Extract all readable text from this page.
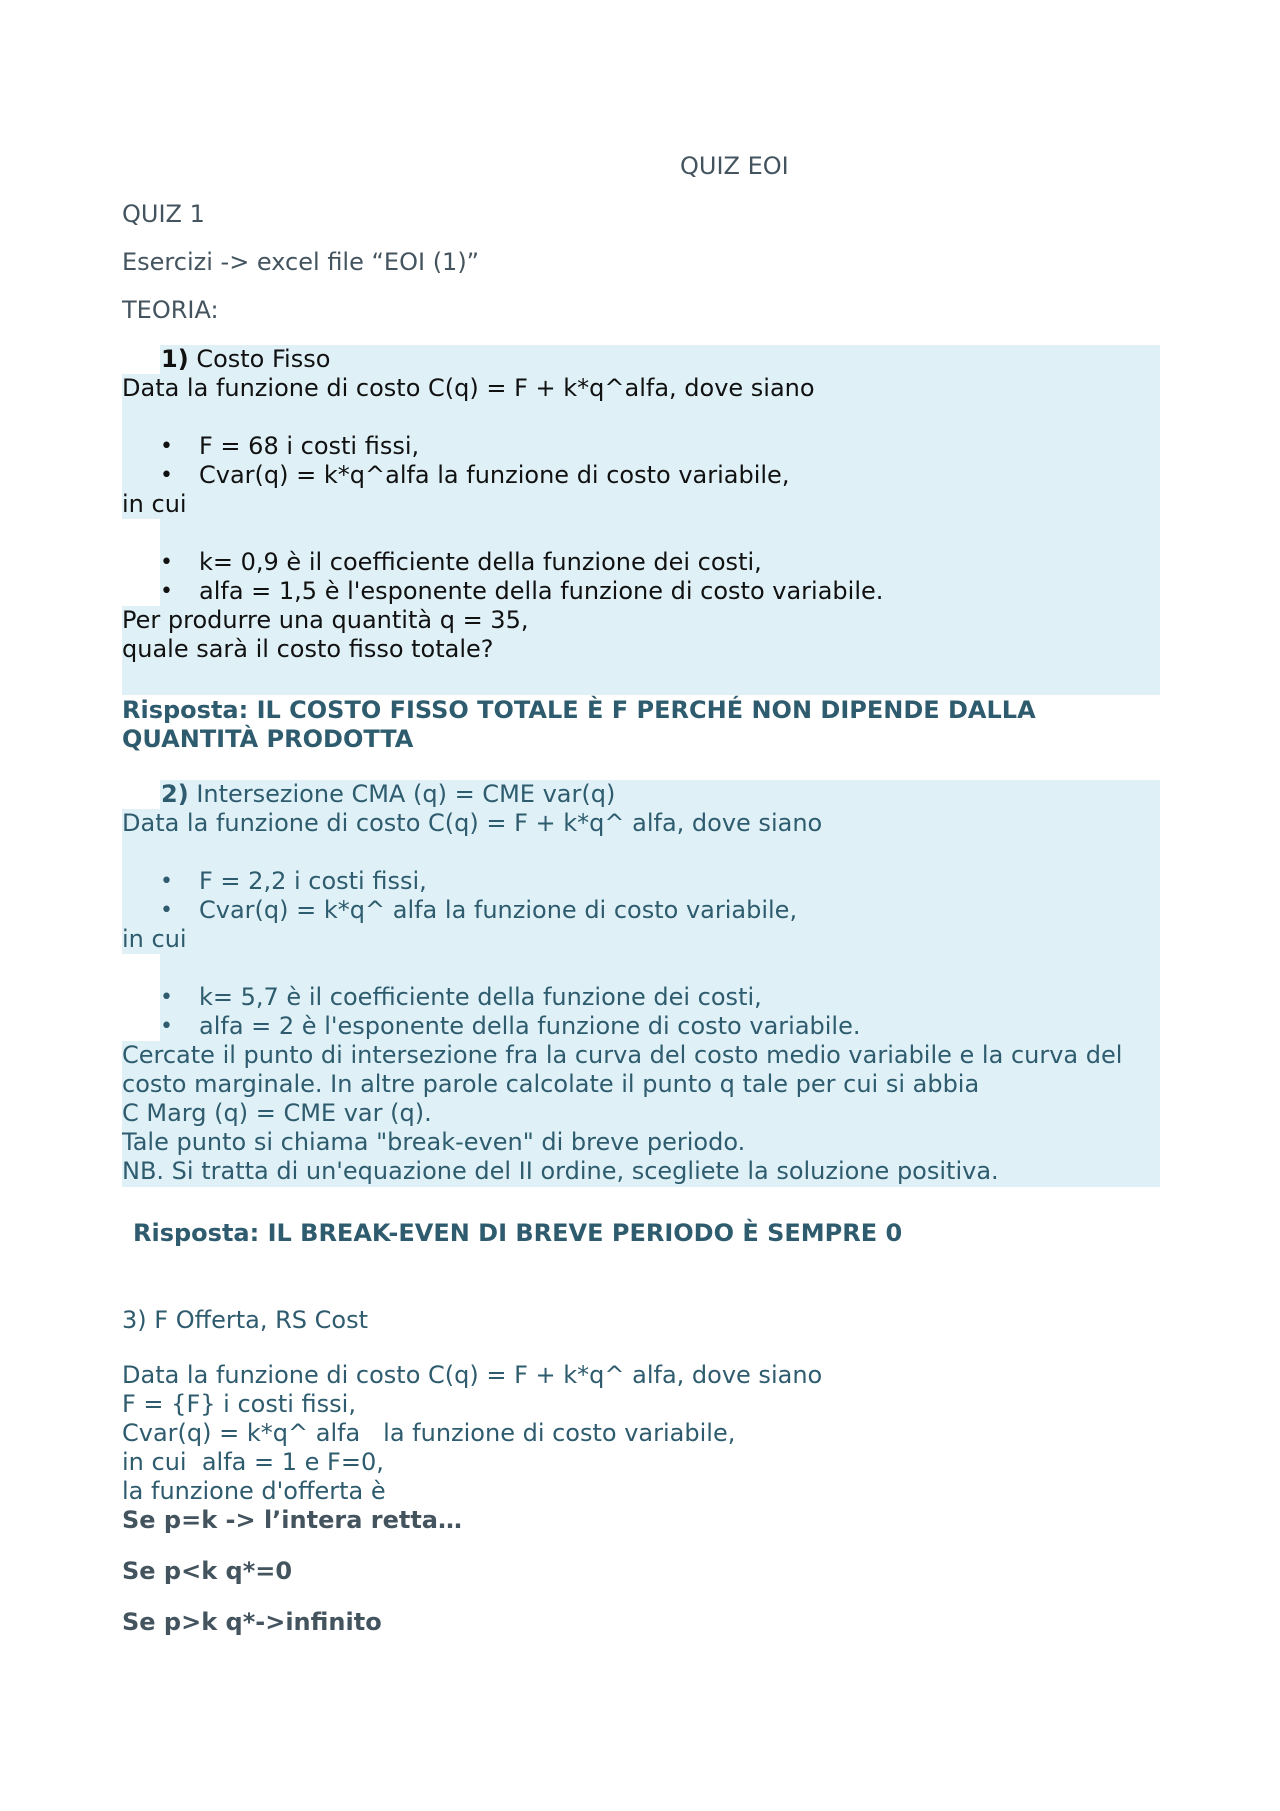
QUIZ EOI

QUIZ 1

Esercizi -> excel file “EOI (1)”

TEORIA:

1) Costo Fisso

Data la funzione di costo C(q) = F + k*q^alfa, dove siano

• F = 68 i costi fissi,

• Cvar(q) = k*q^alfa la funzione di costo variabile,

in cui

• k= 0,9 è il coefficiente della funzione dei costi,

• alfa = 1,5 è l'esponente della funzione di costo variabile.

Per produrre una quantità q = 35,

quale sarà il costo fisso totale?

Risposta: IL COSTO FISSO TOTALE È F PERCHÉ NON DIPENDE DALLA

QUANTITÀ PRODOTTA

2) Intersezione CMA (q) = CME var(q)

Data la funzione di costo C(q) = F + k*q^ alfa, dove siano

• F = 2,2 i costi fissi,

• Cvar(q) = k*q^ alfa la funzione di costo variabile,

in cui

• k= 5,7 è il coefficiente della funzione dei costi,

• alfa = 2 è l'esponente della funzione di costo variabile.

Cercate il punto di intersezione fra la curva del costo medio variabile e la curva del

costo marginale. In altre parole calcolate il punto q tale per cui si abbia

C Marg (q) = CME var (q).

Tale punto si chiama "break-even" di breve periodo.

NB. Si tratta di un'equazione del II ordine, scegliete la soluzione positiva.

Risposta: IL BREAK-EVEN DI BREVE PERIODO È SEMPRE 0

3) F Offerta, RS Cost

Data la funzione di costo C(q) = F + k*q^ alfa, dove siano

F = {F} i costi fissi,

Cvar(q) = k*q^ alfa   la funzione di costo variabile,

in cui  alfa = 1 e F=0,

la funzione d'offerta è

Se p=k -> l’intera retta…

Se p<k q*=0

Se p>k q*->infinito
